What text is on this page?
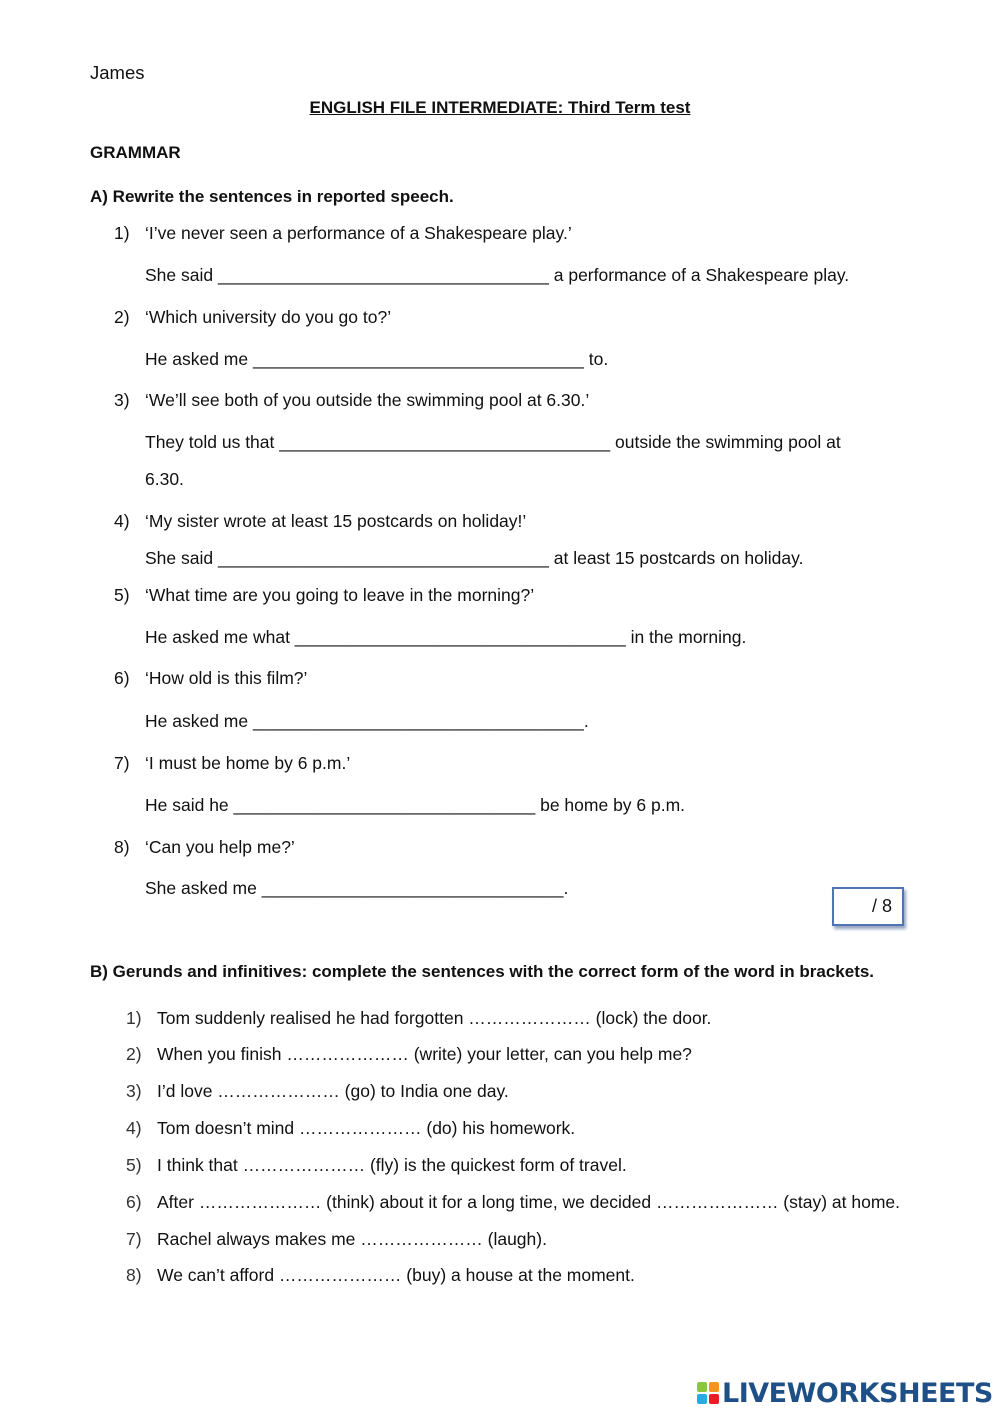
James
ENGLISH FILE INTERMEDIATE: Third Term test
GRAMMAR
A) Rewrite the sentences in reported speech.
1) ‘I’ve never seen a performance of a Shakespeare play.’
She said __________________________________ a performance of a Shakespeare play.
2) ‘Which university do you go to?’
He asked me __________________________________ to.
3) ‘We’ll see both of you outside the swimming pool at 6.30.’
They told us that __________________________________ outside the swimming pool at
6.30.
4) ‘My sister wrote at least 15 postcards on holiday!’
She said __________________________________ at least 15 postcards on holiday.
5) ‘What time are you going to leave in the morning?’
He asked me what __________________________________ in the morning.
6) ‘How old is this film?’
He asked me __________________________________.
7) ‘I must be home by 6 p.m.’
He said he _______________________________ be home by 6 p.m.
8) ‘Can you help me?’
She asked me _______________________________.
/ 8
B) Gerunds and infinitives: complete the sentences with the correct form of the word in brackets.
1) Tom suddenly realised he had forgotten ………………… (lock) the door.
2) When you finish ………………… (write) your letter, can you help me?
3) I’d love ………………… (go) to India one day.
4) Tom doesn’t mind ………………… (do) his homework.
5) I think that ………………… (fly) is the quickest form of travel.
6) After ………………… (think) about it for a long time, we decided ………………… (stay) at home.
7) Rachel always makes me ………………… (laugh).
8) We can’t afford ………………… (buy) a house at the moment.
LIVEWORKSHEETS
